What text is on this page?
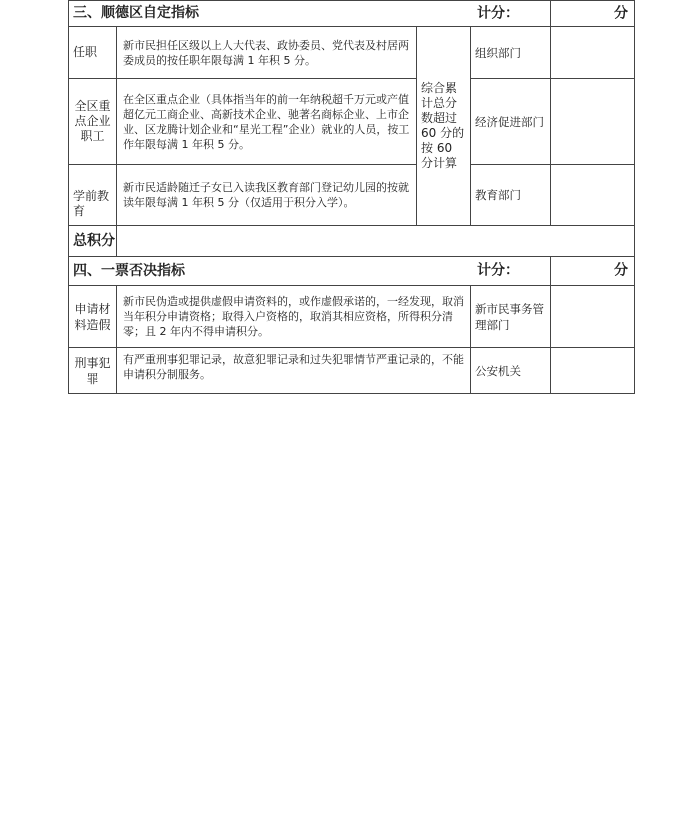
三、顺德区自定指标				计分： 分

任职	新市民担任区级以上人大代表、政协委员、党代表及村居两委成员的按任职年限每满 1 年积 5 分。	综合累计总分数超过 60 分的按 60 分计算	组织部门	
全区重点企业职工	在全区重点企业（具体指当年的前一年纳税超千万元或产值超亿元工商企业、高新技术企业、驰著名商标企业、上市企业、区龙腾计划企业和“星光工程”企业）就业的人员，按工作年限每满 1 年积 5 分。		经济促进部门	
学前教育	新市民适龄随迁子女已入读我区教育部门登记幼儿园的按就读年限每满 1 年积 5 分（仅适用于积分入学）。		教育部门	
总积分				
四、一票否决指标				计分： 分

申请材料造假	新市民伪造或提供虚假申请资料的，或作虚假承诺的，一经发现，取消当年积分申请资格；取得入户资格的，取消其相应资格，所得积分清零；且 2 年内不得申请积分。		新市民事务管理部门	
刑事犯罪	有严重刑事犯罪记录，故意犯罪记录和过失犯罪情节严重记录的，不能申请积分制服务。		公安机关	
